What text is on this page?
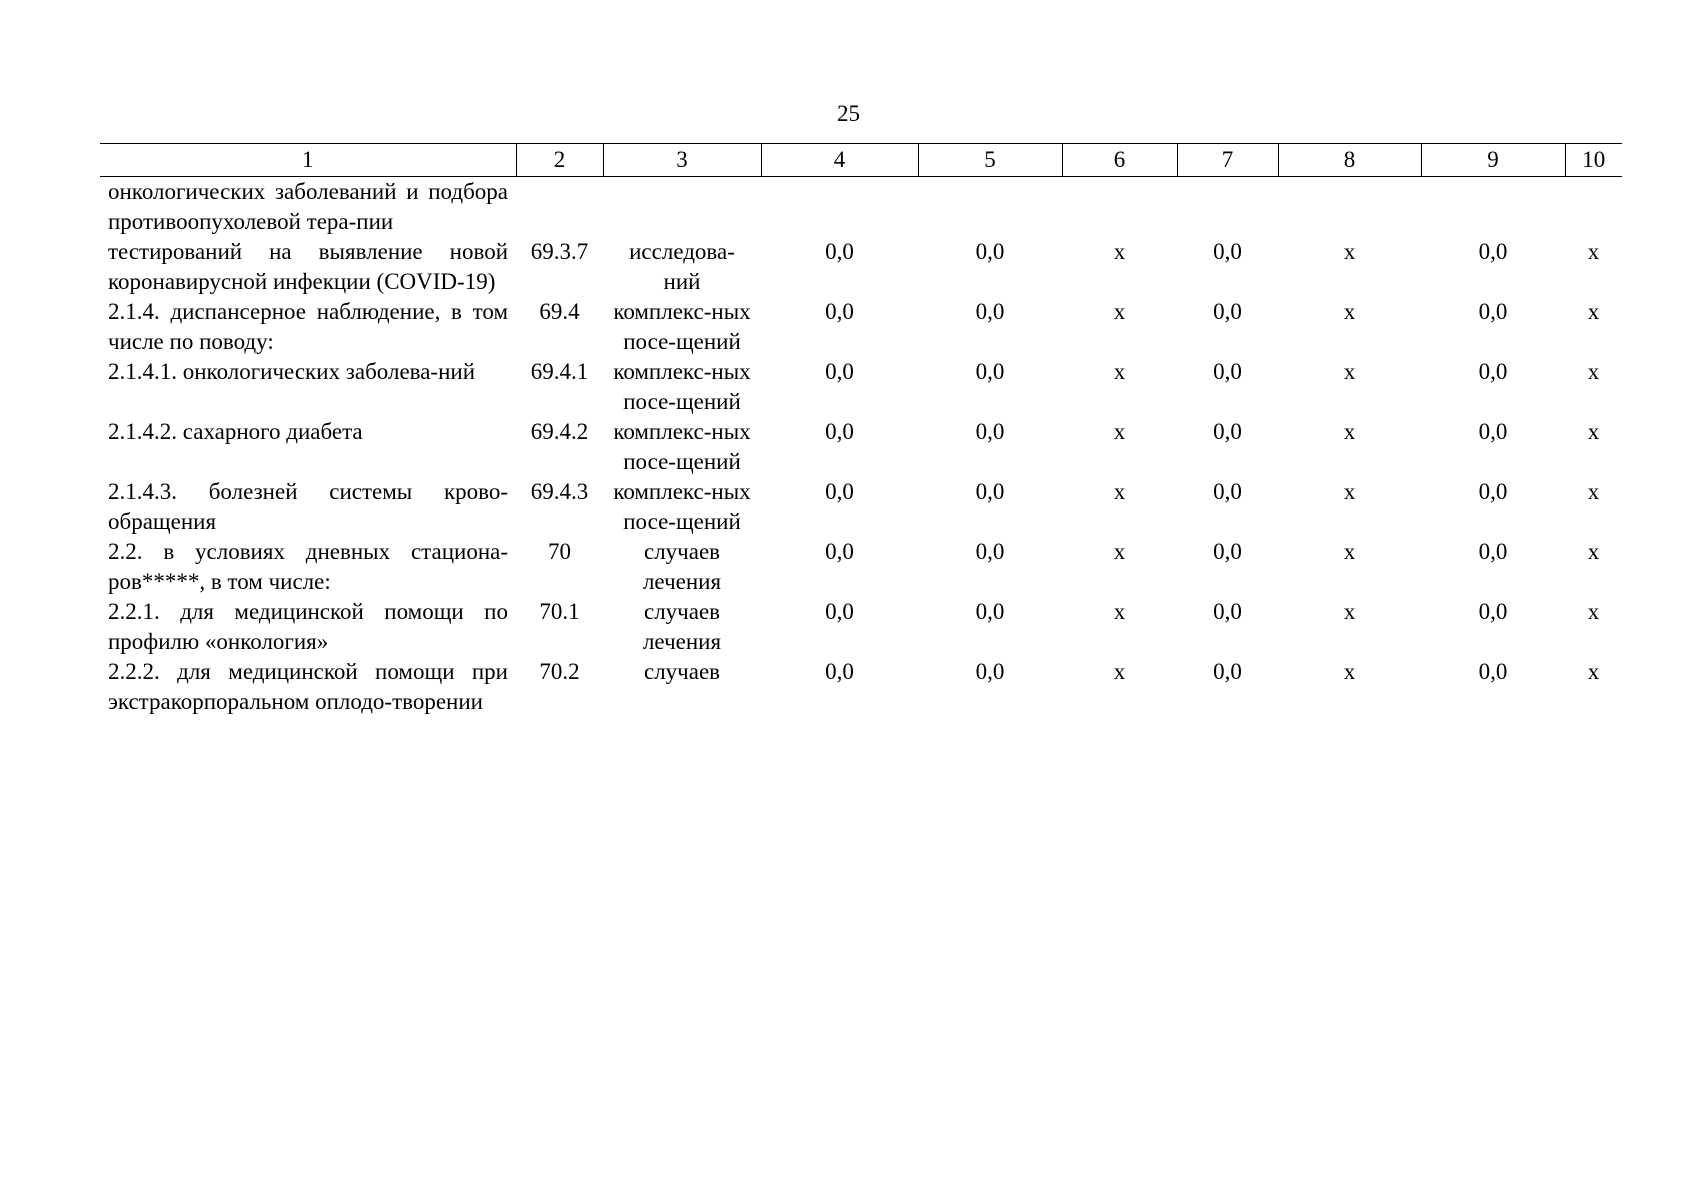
25
1	2	3	4	5	6	7	8	9	10
онкологических заболеваний и подбора противоопухолевой тера-пии									
тестирований на выявление новой коронавирусной инфекции (COVID-19)	69.3.7	исследова-ний	0,0	0,0	х	0,0	х	0,0	х
2.1.4. диспансерное наблюдение, в том числе по поводу:	69.4	комплекс-ных посе-щений	0,0	0,0	х	0,0	х	0,0	х
2.1.4.1. онкологических заболева-ний	69.4.1	комплекс-ных посе-щений	0,0	0,0	х	0,0	х	0,0	х
2.1.4.2. сахарного диабета	69.4.2	комплекс-ных посе-щений	0,0	0,0	х	0,0	х	0,0	х
2.1.4.3. болезней системы крово-обращения	69.4.3	комплекс-ных посе-щений	0,0	0,0	х	0,0	х	0,0	х
2.2. в условиях дневных стациона-ров*****, в том числе:	70	случаев лечения	0,0	0,0	х	0,0	х	0,0	х
2.2.1. для медицинской помощи по профилю «онкология»	70.1	случаев лечения	0,0	0,0	х	0,0	х	0,0	х
2.2.2. для медицинской помощи при экстракорпоральном оплодо-творении	70.2	случаев	0,0	0,0	х	0,0	х	0,0	х
